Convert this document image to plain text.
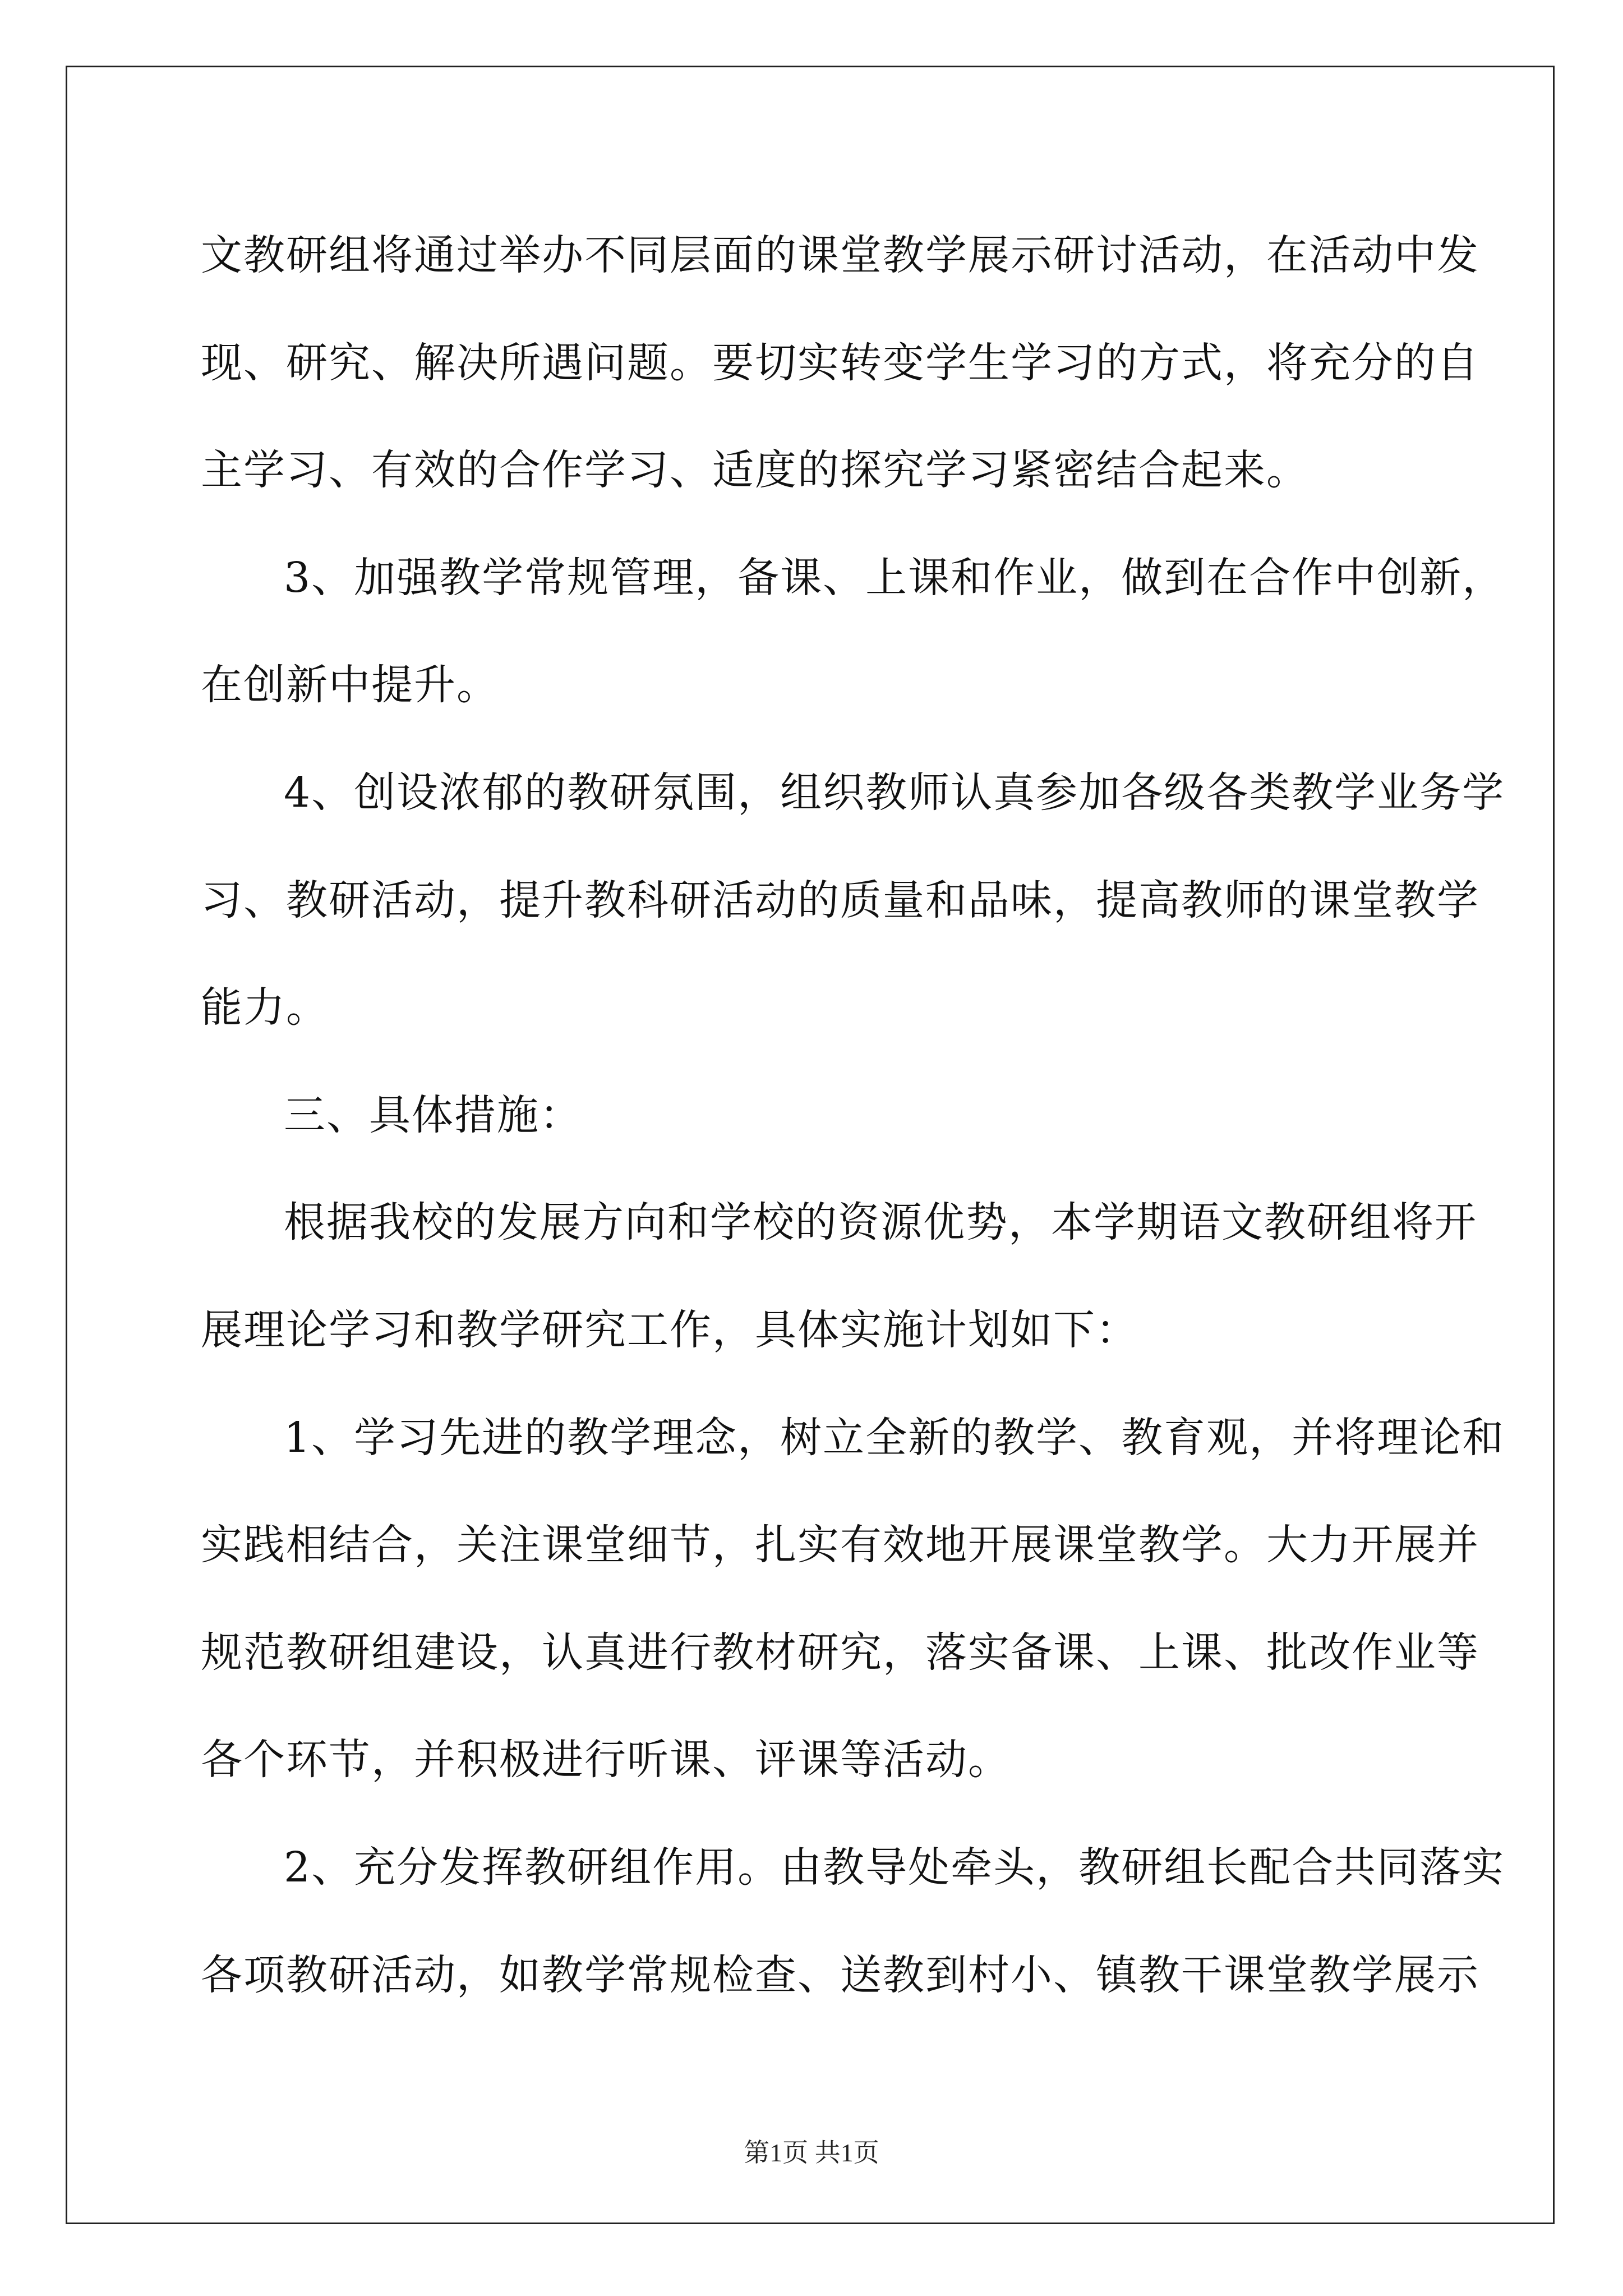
文教研组将通过举办不同层面的课堂教学展示研讨活动，在活动中发
现、研究、解决所遇问题。要切实转变学生学习的方式，将充分的自
主学习、有效的合作学习、适度的探究学习紧密结合起来。
3、加强教学常规管理，备课、上课和作业，做到在合作中创新，
在创新中提升。
4、创设浓郁的教研氛围，组织教师认真参加各级各类教学业务学
习、教研活动，提升教科研活动的质量和品味，提高教师的课堂教学
能力。
三、具体措施：
根据我校的发展方向和学校的资源优势，本学期语文教研组将开
展理论学习和教学研究工作，具体实施计划如下：
1、学习先进的教学理念，树立全新的教学、教育观，并将理论和
实践相结合，关注课堂细节，扎实有效地开展课堂教学。大力开展并
规范教研组建设，认真进行教材研究，落实备课、上课、批改作业等
各个环节，并积极进行听课、评课等活动。
2、充分发挥教研组作用。由教导处牵头，教研组长配合共同落实
各项教研活动，如教学常规检查、送教到村小、镇教干课堂教学展示
第1页 共1页
